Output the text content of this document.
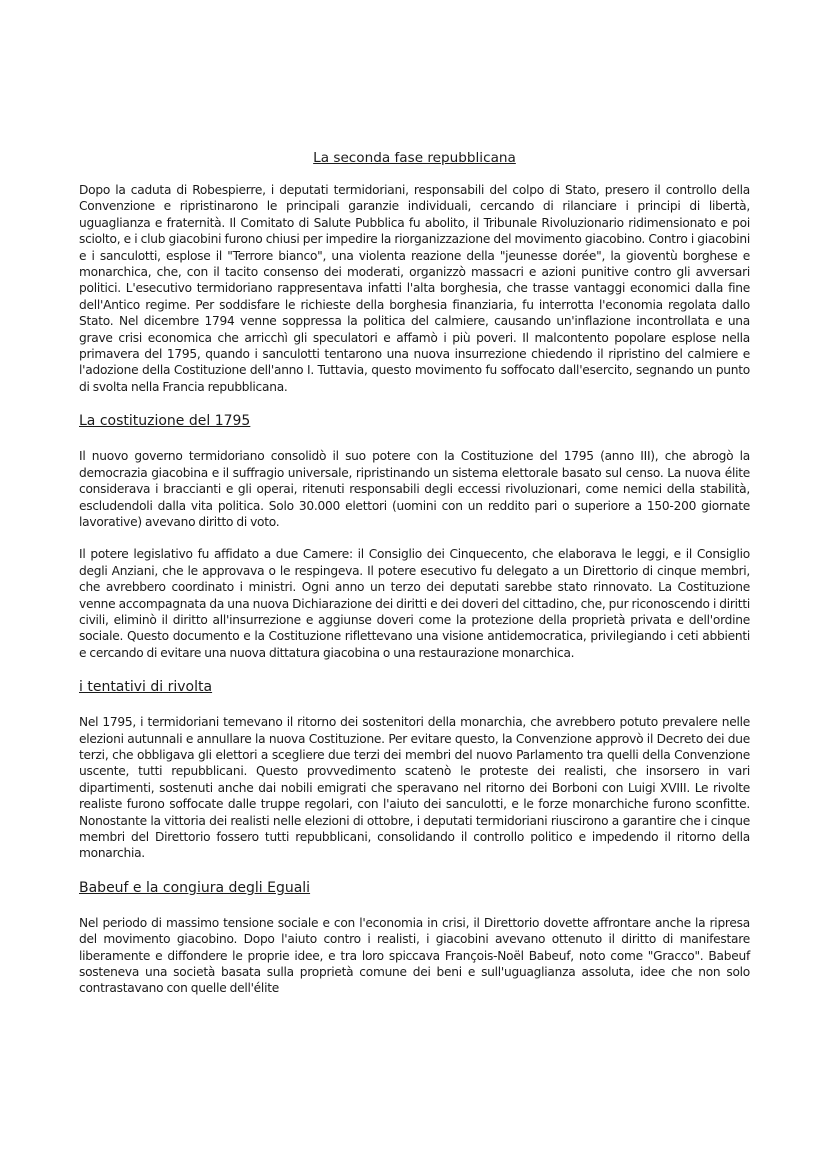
La seconda fase repubblicana

Dopo la caduta di Robespierre, i deputati termidoriani, responsabili del colpo di Stato, presero il controllo della Convenzione e ripristinarono le principali garanzie individuali, cercando di rilanciare i principi di libertà, uguaglianza e fraternità. Il Comitato di Salute Pubblica fu abolito, il Tribunale Rivoluzionario ridimensionato e poi sciolto, e i club giacobini furono chiusi per impedire la riorganizzazione del movimento giacobino. Contro i giacobini e i sanculotti, esplose il "Terrore bianco", una violenta reazione della "jeunesse dorée", la gioventù borghese e monarchica, che, con il tacito consenso dei moderati, organizzò massacri e azioni punitive contro gli avversari politici. L'esecutivo termidoriano rappresentava infatti l'alta borghesia, che trasse vantaggi economici dalla fine dell'Antico regime. Per soddisfare le richieste della borghesia finanziaria, fu interrotta l'economia regolata dallo Stato. Nel dicembre 1794 venne soppressa la politica del calmiere, causando un'inflazione incontrollata e una grave crisi economica che arricchì gli speculatori e affamò i più poveri. Il malcontento popolare esplose nella primavera del 1795, quando i sanculotti tentarono una nuova insurrezione chiedendo il ripristino del calmiere e l'adozione della Costituzione dell'anno I. Tuttavia, questo movimento fu soffocato dall'esercito, segnando un punto di svolta nella Francia repubblicana.

La costituzione del 1795

Il nuovo governo termidoriano consolidò il suo potere con la Costituzione del 1795 (anno III), che abrogò la democrazia giacobina e il suffragio universale, ripristinando un sistema elettorale basato sul censo. La nuova élite considerava i braccianti e gli operai, ritenuti responsabili degli eccessi rivoluzionari, come nemici della stabilità, escludendoli dalla vita politica. Solo 30.000 elettori (uomini con un reddito pari o superiore a 150-200 giornate lavorative) avevano diritto di voto.

Il potere legislativo fu affidato a due Camere: il Consiglio dei Cinquecento, che elaborava le leggi, e il Consiglio degli Anziani, che le approvava o le respingeva. Il potere esecutivo fu delegato a un Direttorio di cinque membri, che avrebbero coordinato i ministri. Ogni anno un terzo dei deputati sarebbe stato rinnovato. La Costituzione venne accompagnata da una nuova Dichiarazione dei diritti e dei doveri del cittadino, che, pur riconoscendo i diritti civili, eliminò il diritto all'insurrezione e aggiunse doveri come la protezione della proprietà privata e dell'ordine sociale. Questo documento e la Costituzione riflettevano una visione antidemocratica, privilegiando i ceti abbienti e cercando di evitare una nuova dittatura giacobina o una restaurazione monarchica.

i tentativi di rivolta

Nel 1795, i termidoriani temevano il ritorno dei sostenitori della monarchia, che avrebbero potuto prevalere nelle elezioni autunnali e annullare la nuova Costituzione. Per evitare questo, la Convenzione approvò il Decreto dei due terzi, che obbligava gli elettori a scegliere due terzi dei membri del nuovo Parlamento tra quelli della Convenzione uscente, tutti repubblicani. Questo provvedimento scatenò le proteste dei realisti, che insorsero in vari dipartimenti, sostenuti anche dai nobili emigrati che speravano nel ritorno dei Borboni con Luigi XVIII. Le rivolte realiste furono soffocate dalle truppe regolari, con l'aiuto dei sanculotti, e le forze monarchiche furono sconfitte. Nonostante la vittoria dei realisti nelle elezioni di ottobre, i deputati termidoriani riuscirono a garantire che i cinque membri del Direttorio fossero tutti repubblicani, consolidando il controllo politico e impedendo il ritorno della monarchia.

Babeuf e la congiura degli Eguali

Nel periodo di massimo tensione sociale e con l'economia in crisi, il Direttorio dovette affrontare anche la ripresa del movimento giacobino. Dopo l'aiuto contro i realisti, i giacobini avevano ottenuto il diritto di manifestare liberamente e diffondere le proprie idee, e tra loro spiccava François-Noël Babeuf, noto come "Gracco". Babeuf sosteneva una società basata sulla proprietà comune dei beni e sull'uguaglianza assoluta, idee che non solo contrastavano con quelle dell'élite
